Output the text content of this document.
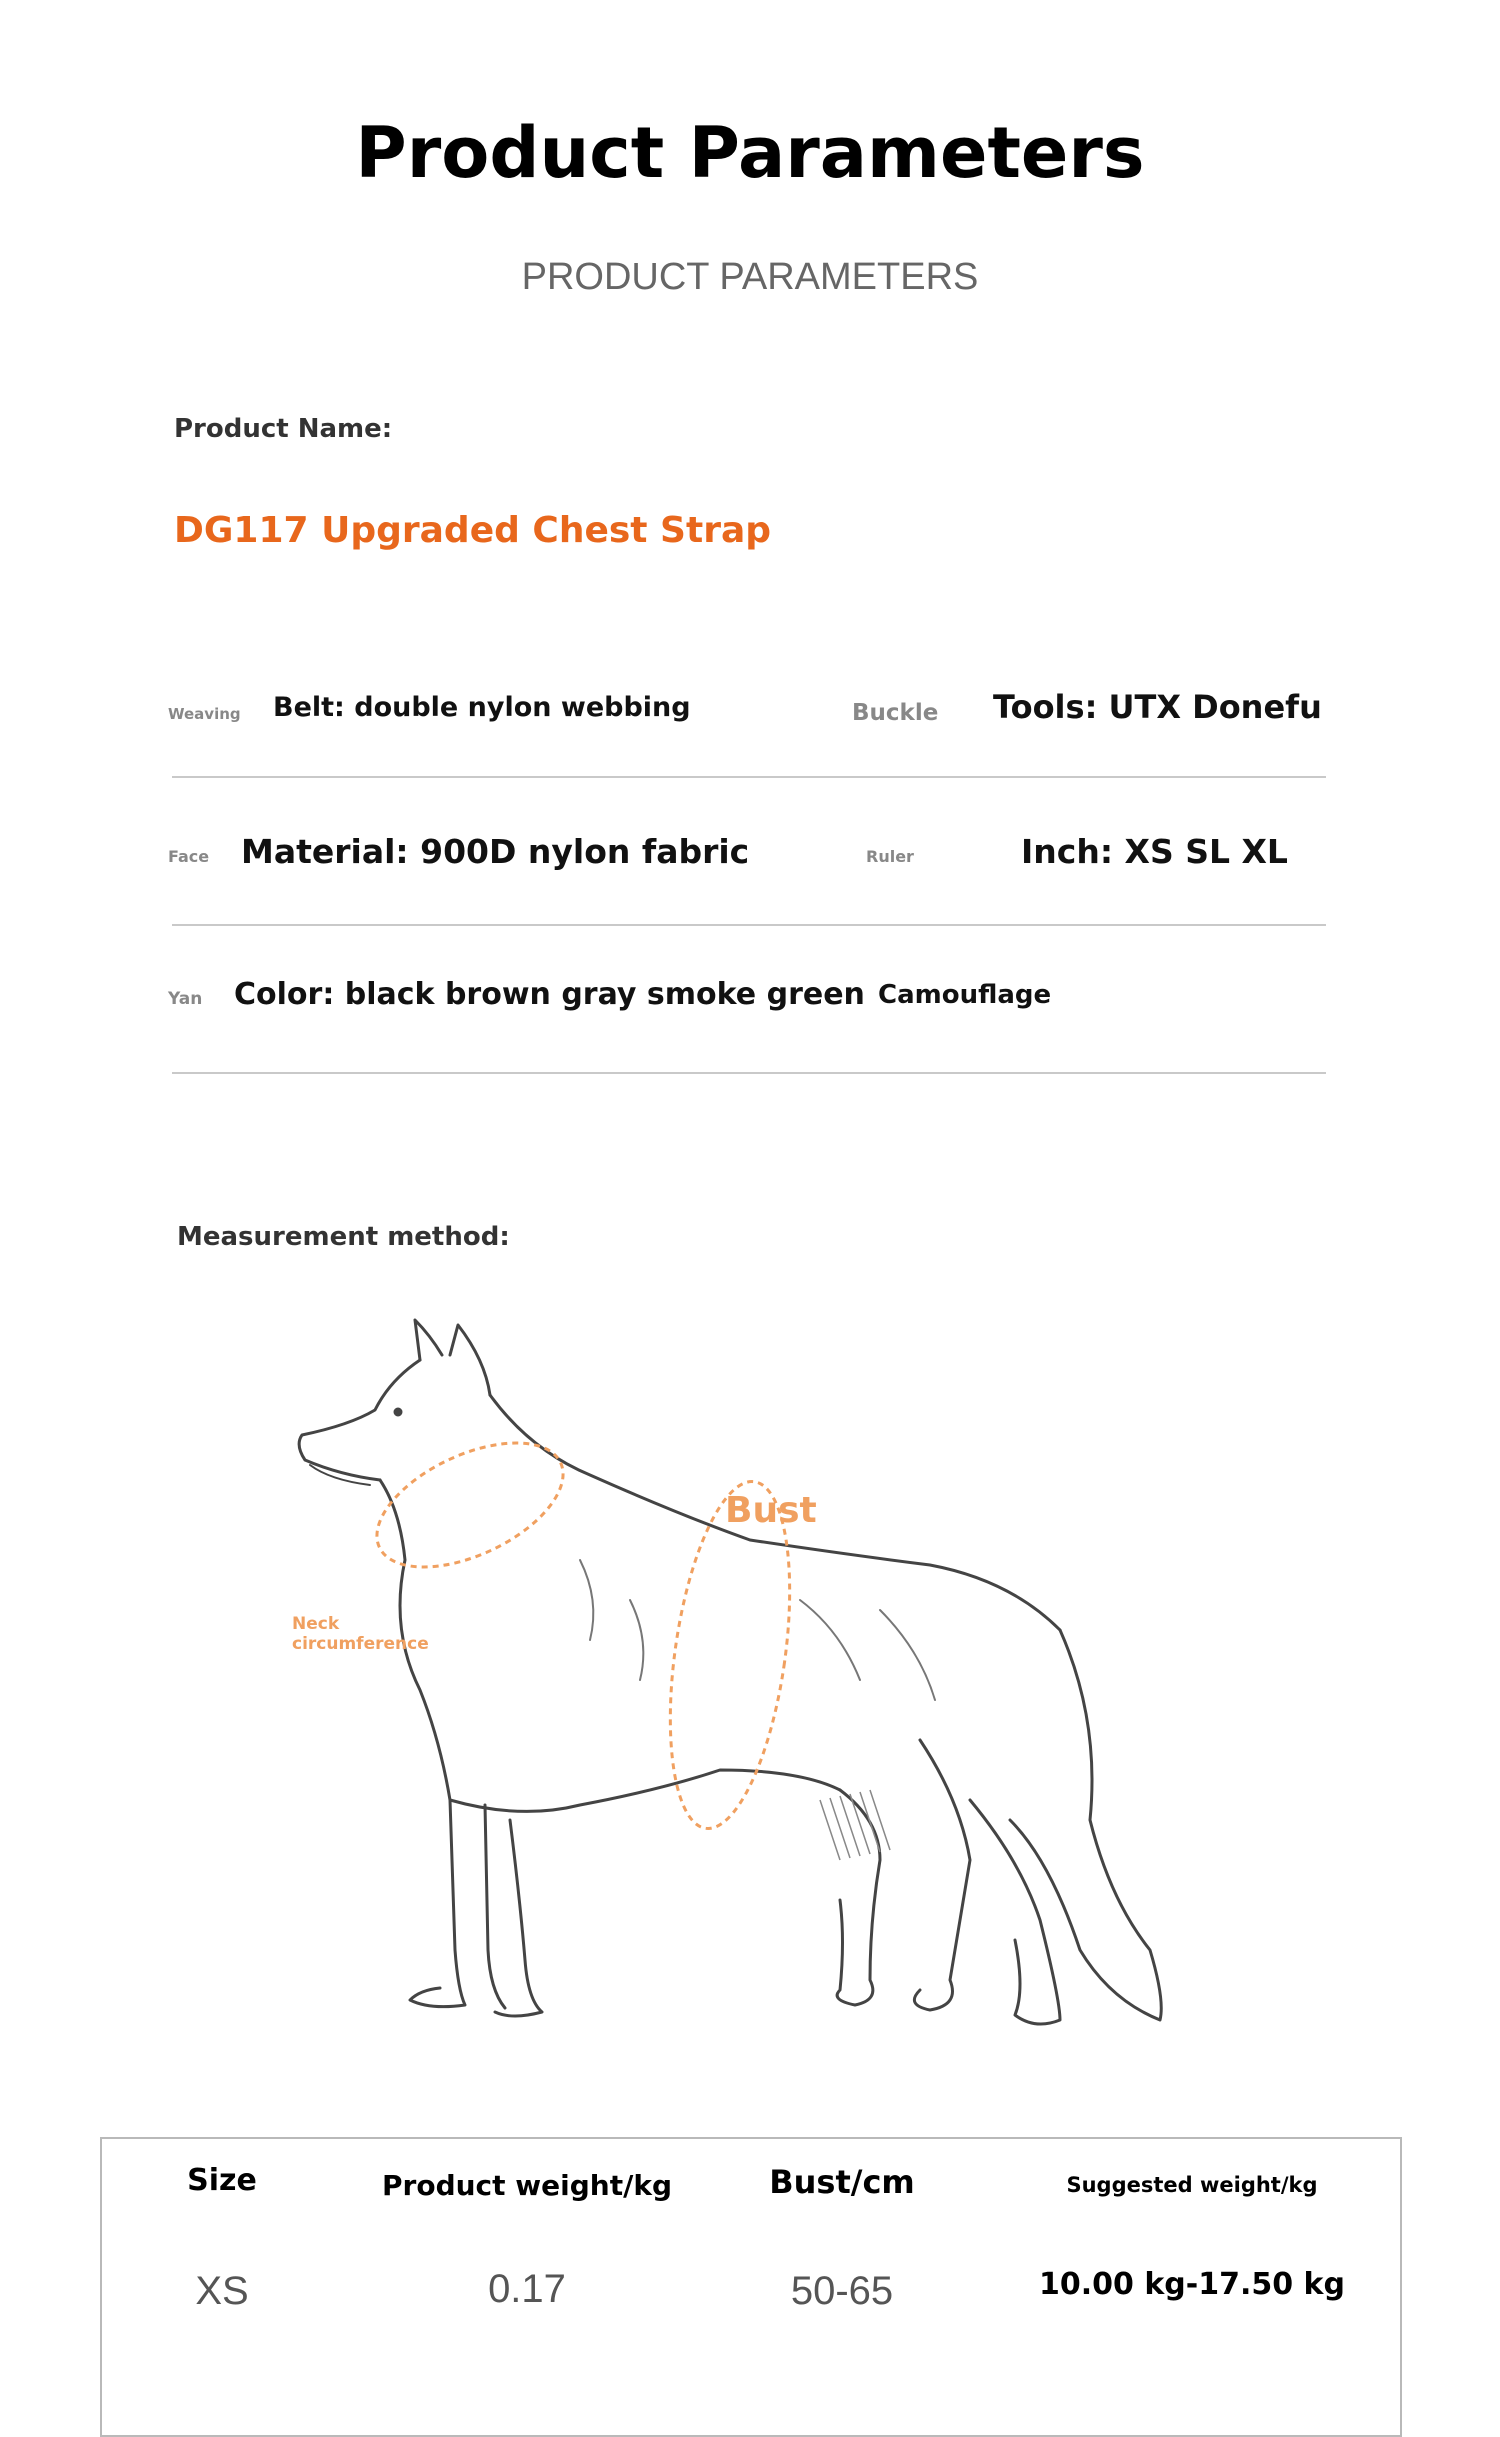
Product Parameters
PRODUCT PARAMETERS
Product Name:
DG117 Upgraded Chest Strap
Weaving Belt: double nylon webbing	Buckle Tools: UTX Donefu
Face Material: 900D nylon fabric	Ruler	Inch: XS SL XL
Yan Color: black brown gray smoke green Camouflage
Measurement method:
Bust
Neck circumference
Size	Product weight/kg	Bust/cm	Suggested weight/kg
XS	0.17	50-65	10.00 kg-17.50 kg
